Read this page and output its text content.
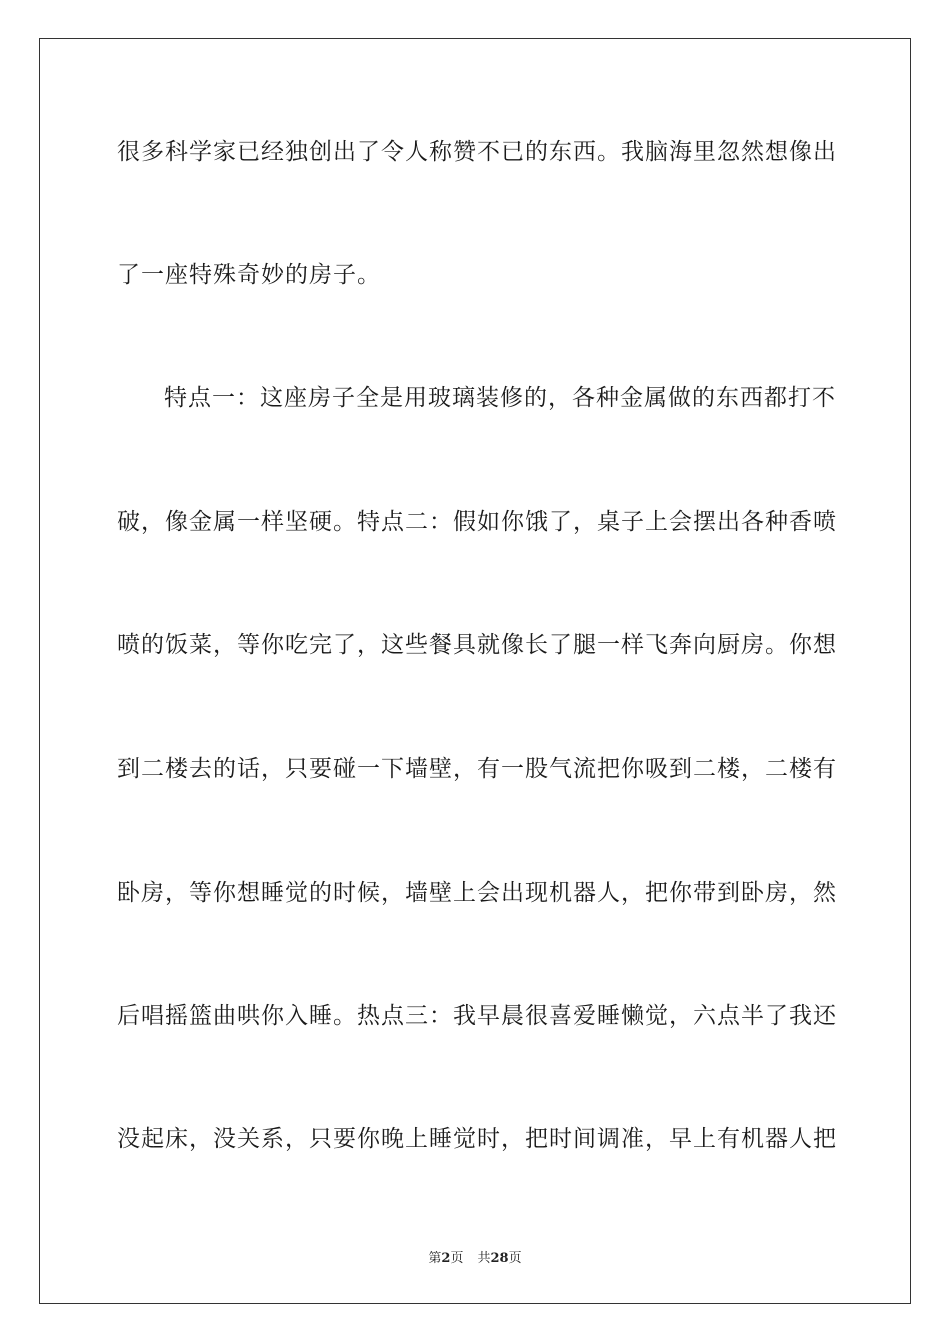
很多科学家已经独创出了令人称赞不已的东西。我脑海里忽然想像出
了一座特殊奇妙的房子。
特点一：这座房子全是用玻璃装修的，各种金属做的东西都打不
破，像金属一样坚硬。特点二：假如你饿了，桌子上会摆出各种香喷
喷的饭菜，等你吃完了，这些餐具就像长了腿一样飞奔向厨房。你想
到二楼去的话，只要碰一下墙壁，有一股气流把你吸到二楼，二楼有
卧房，等你想睡觉的时候，墙壁上会出现机器人，把你带到卧房，然
后唱摇篮曲哄你入睡。热点三：我早晨很喜爱睡懒觉，六点半了我还
没起床，没关系，只要你晚上睡觉时，把时间调准，早上有机器人把
第2页 共28页
